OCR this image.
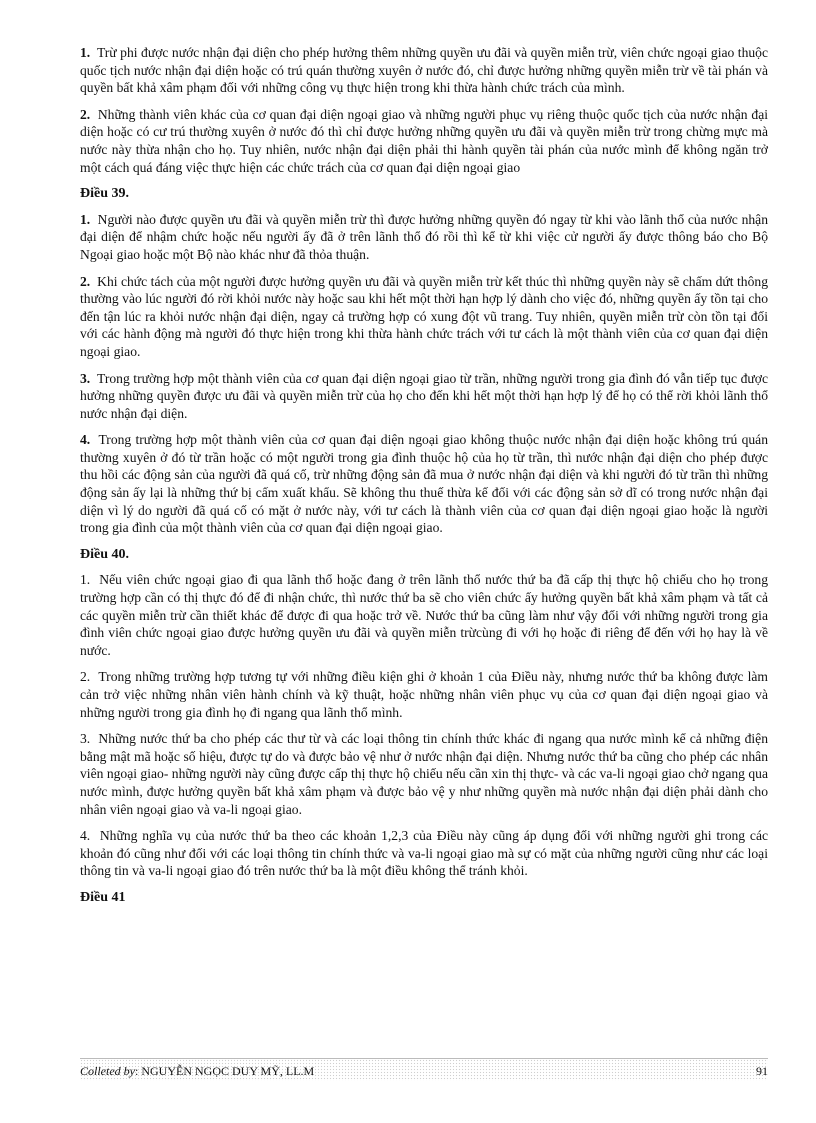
1. Trừ phi được nước nhận đại diện cho phép hưởng thêm những quyền ưu đãi và quyền miễn trừ, viên chức ngoại giao thuộc quốc tịch nước nhận đại diện hoặc có trú quán thường xuyên ở nước đó, chỉ được hưởng những quyền miễn trừ về tài phán và quyền bất khả xâm phạm đối với những công vụ thực hiện trong khi thừa hành chức trách của mình.

2. Những thành viên khác của cơ quan đại diện ngoại giao và những người phục vụ riêng thuộc quốc tịch của nước nhận đại diện hoặc có cư trú thường xuyên ở nước đó thì chỉ được hưởng những quyền ưu đãi và quyền miễn trừ trong chừng mực mà nước này thừa nhận cho họ. Tuy nhiên, nước nhận đại diện phải thi hành quyền tài phán của nước mình để không ngăn trở một cách quá đáng việc thực hiện các chức trách của cơ quan đại diện ngoại giao

Điều 39.

1. Người nào được quyền ưu đãi và quyền miễn trừ thì được hưởng những quyền đó ngay từ khi vào lãnh thổ của nước nhận đại diện để nhậm chức hoặc nếu người ấy đã ở trên lãnh thổ đó rồi thì kể từ khi việc cử người ấy được thông báo cho Bộ Ngoại giao hoặc một Bộ nào khác như đã thỏa thuận.

2. Khi chức tách của một người được hưởng quyền ưu đãi và quyền miễn trừ kết thúc thì những quyền này sẽ chấm dứt thông thường vào lúc người đó rời khỏi nước này hoặc sau khi hết một thời hạn hợp lý dành cho việc đó, những quyền ấy tồn tại cho đến tận lúc ra khỏi nước nhận đại diện, ngay cả trường hợp có xung đột vũ trang. Tuy nhiên, quyền miễn trừ còn tồn tại đối với các hành động mà người đó thực hiện trong khi thừa hành chức trách với tư cách là một thành viên của cơ quan đại diện ngoại giao.

3. Trong trường hợp một thành viên của cơ quan đại diện ngoại giao từ trần, những người trong gia đình đó vẫn tiếp tục được hưởng những quyền được ưu đãi và quyền miễn trừ của họ cho đến khi hết một thời hạn hợp lý để họ có thể rời khỏi lãnh thổ nước nhận đại diện.

4. Trong trường hợp một thành viên của cơ quan đại diện ngoại giao không thuộc nước nhận đại diện hoặc không trú quán thường xuyên ở đó từ trần hoặc có một người trong gia đình thuộc hộ của họ từ trần, thì nước nhận đại diện cho phép được thu hồi các động sản của người đã quá cố, trừ những động sản đã mua ở nước nhận đại diện và khi người đó từ trần thì những động sản ấy lại là những thứ bị cấm xuất khẩu. Sẽ không thu thuế thừa kế đối với các động sản sở dĩ có trong nước nhận đại diện vì lý do người đã quá cố có mặt ở nước này, với tư cách là thành viên của cơ quan đại diện ngoại giao hoặc là người trong gia đình của một thành viên của cơ quan đại diện ngoại giao.

Điều 40.

1. Nếu viên chức ngoại giao đi qua lãnh thổ hoặc đang ở trên lãnh thổ nước thứ ba đã cấp thị thực hộ chiếu cho họ trong trường hợp cần có thị thực đó để đi nhận chức, thì nước thứ ba sẽ cho viên chức ấy hưởng quyền bất khả xâm phạm và tất cả các quyền miễn trừ cần thiết khác để được đi qua hoặc trở về. Nước thứ ba cũng làm như vậy đối với những người trong gia đình viên chức ngoại giao được hưởng quyền ưu đãi và quyền miễn trừcùng đi với họ hoặc đi riêng để đến với họ hay là về nước.

2. Trong những trường hợp tương tự với những điều kiện ghi ở khoản 1 của Điều này, nhưng nước thứ ba không được làm cản trở việc những nhân viên hành chính và kỹ thuật, hoặc những nhân viên phục vụ của cơ quan đại diện ngoại giao và những người trong gia đình họ đi ngang qua lãnh thổ mình.

3. Những nước thứ ba cho phép các thư từ và các loại thông tin chính thức khác đi ngang qua nước mình kể cả những điện bằng mật mã hoặc số hiệu, được tự do và được bảo vệ như ở nước nhận đại diện. Nhưng nước thứ ba cũng cho phép các nhân viên ngoại giao- những người này cũng được cấp thị thực hộ chiếu nếu cần xin thị thực- và các va-li ngoại giao chở ngang qua nước mình, được hưởng quyền bất khả xâm phạm và được bảo vệ y như những quyền mà nước nhận đại diện phải dành cho nhân viên ngoại giao và va-li ngoại giao.

4. Những nghĩa vụ của nước thứ ba theo các khoản 1,2,3 của Điều này cũng áp dụng đối với những người ghi trong các khoản đó cũng như đối với các loại thông tin chính thức và va-li ngoại giao mà sự có mặt của những người cũng như các loại thông tin và va-li ngoại giao đó trên nước thứ ba là một điều không thể tránh khỏi.

Điều 41
Colleted by: NGUYỄN NGỌC DUY MỸ, LL.M	91
